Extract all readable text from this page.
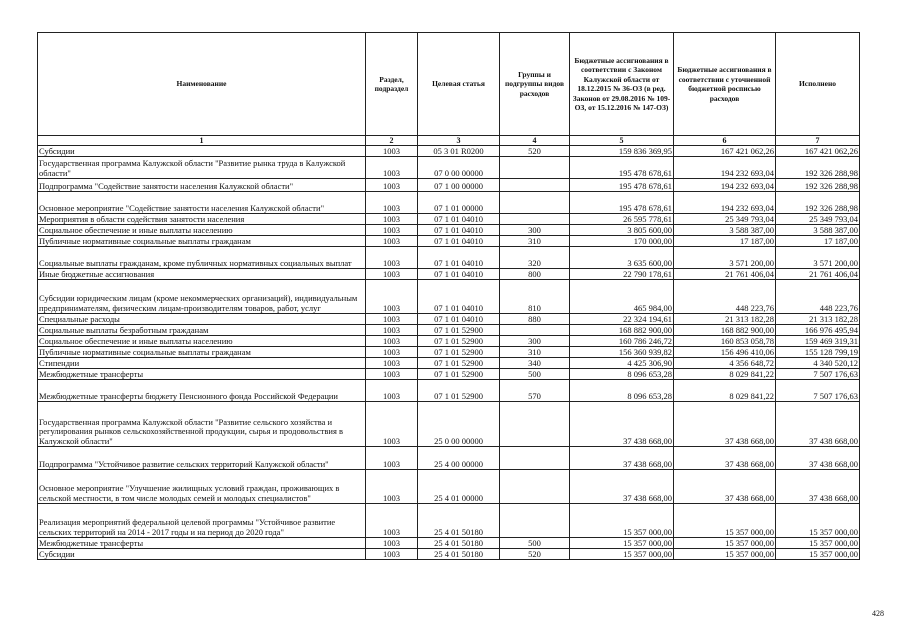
Наименование	Раздел, подраздел	Целевая статья	Группы и подгруппы видов расходов	Бюджетные ассигнования в соответствии с Законом Калужской области от 18.12.2015 № 36-ОЗ (в ред. Законов от 29.08.2016 № 109-ОЗ, от 15.12.2016 № 147-ОЗ)	Бюджетные ассигнования в соответствии с уточненной бюджетной росписью расходов	Исполнено
1	2	3	4	5	6	7
Субсидии	1003	05 3 01 R0200	520	159 836 369,95	167 421 062,26	167 421 062,26
Государственная программа Калужской области "Развитие рынка труда в Калужской области"	1003	07 0 00 00000		195 478 678,61	194 232 693,04	192 326 288,98
Подпрограмма "Содействие занятости населения Калужской области"	1003	07 1 00 00000		195 478 678,61	194 232 693,04	192 326 288,98
Основное мероприятие "Содействие занятости населения Калужской области"	1003	07 1 01 00000		195 478 678,61	194 232 693,04	192 326 288,98
Мероприятия в области содействия занятости населения	1003	07 1 01 04010		26 595 778,61	25 349 793,04	25 349 793,04
Социальное обеспечение и иные выплаты населению	1003	07 1 01 04010	300	3 805 600,00	3 588 387,00	3 588 387,00
Публичные нормативные социальные выплаты гражданам	1003	07 1 01 04010	310	170 000,00	17 187,00	17 187,00
Социальные выплаты гражданам, кроме публичных нормативных социальных выплат	1003	07 1 01 04010	320	3 635 600,00	3 571 200,00	3 571 200,00
Иные бюджетные ассигнования	1003	07 1 01 04010	800	22 790 178,61	21 761 406,04	21 761 406,04
Субсидии юридическим лицам (кроме некоммерческих организаций), индивидуальным предпринимателям, физическим лицам-производителям товаров, работ, услуг	1003	07 1 01 04010	810	465 984,00	448 223,76	448 223,76
Специальные расходы	1003	07 1 01 04010	880	22 324 194,61	21 313 182,28	21 313 182,28
Социальные выплаты безработным гражданам	1003	07 1 01 52900		168 882 900,00	168 882 900,00	166 976 495,94
Социальное обеспечение и иные выплаты населению	1003	07 1 01 52900	300	160 786 246,72	160 853 058,78	159 469 319,31
Публичные нормативные социальные выплаты гражданам	1003	07 1 01 52900	310	156 360 939,82	156 496 410,06	155 128 799,19
Стипендии	1003	07 1 01 52900	340	4 425 306,90	4 356 648,72	4 340 520,12
Межбюджетные трансферты	1003	07 1 01 52900	500	8 096 653,28	8 029 841,22	7 507 176,63
Межбюджетные трансферты бюджету Пенсионного фонда Российской Федерации	1003	07 1 01 52900	570	8 096 653,28	8 029 841,22	7 507 176,63
Государственная программа Калужской области "Развитие сельского хозяйства и регулирования рынков сельскохозяйственной продукции, сырья и продовольствия в Калужской области"	1003	25 0 00 00000		37 438 668,00	37 438 668,00	37 438 668,00
Подпрограмма "Устойчивое развитие сельских территорий Калужской области"	1003	25 4 00 00000		37 438 668,00	37 438 668,00	37 438 668,00
Основное мероприятие "Улучшение жилищных условий граждан, проживающих в сельской местности, в том числе молодых семей и молодых специалистов"	1003	25 4 01 00000		37 438 668,00	37 438 668,00	37 438 668,00
Реализация мероприятий федеральной целевой программы "Устойчивое развитие сельских территорий на 2014 - 2017 годы и на период до 2020 года"	1003	25 4 01 50180		15 357 000,00	15 357 000,00	15 357 000,00
Межбюджетные трансферты	1003	25 4 01 50180	500	15 357 000,00	15 357 000,00	15 357 000,00
Субсидии	1003	25 4 01 50180	520	15 357 000,00	15 357 000,00	15 357 000,00
428
